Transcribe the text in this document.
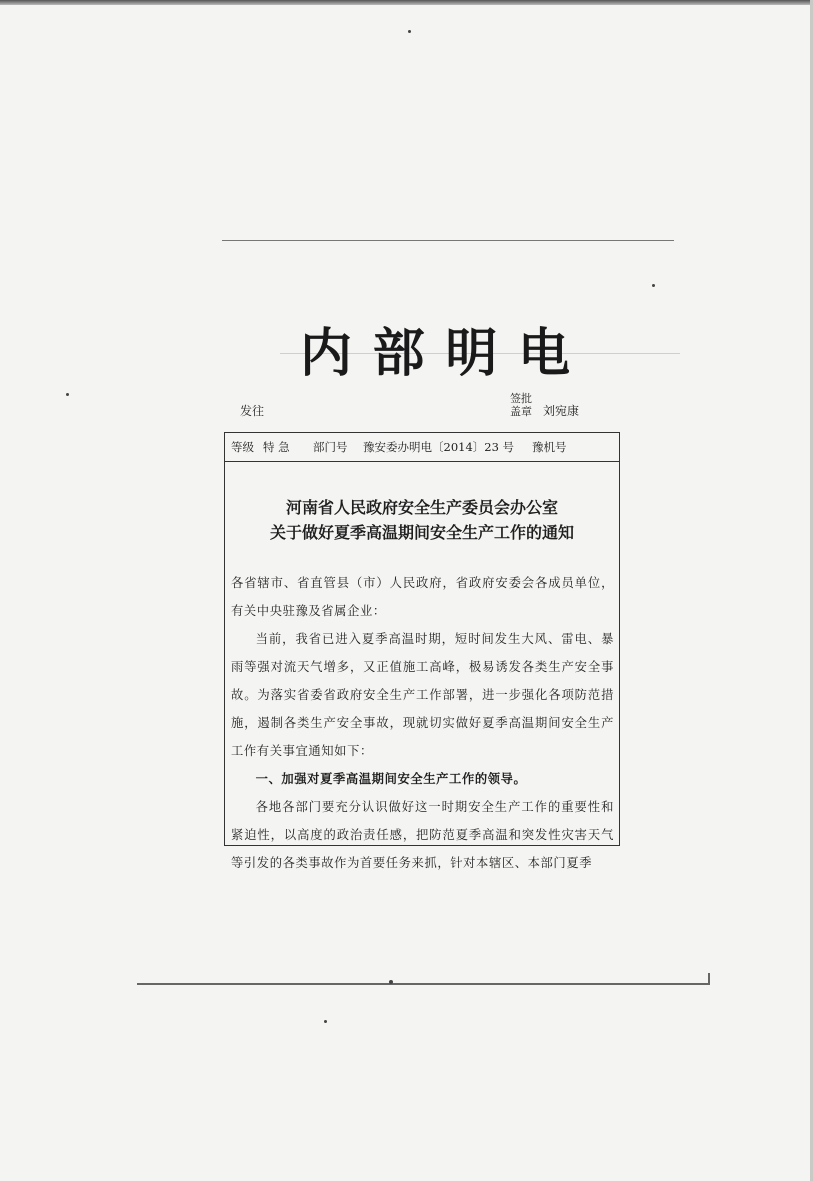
内 部 明 电
发往
签批
盖章 刘宛康
等级 特 急 部门号 豫安委办明电〔2014〕23 号 豫机号
河南省人民政府安全生产委员会办公室
关于做好夏季高温期间安全生产工作的通知

各省辖市、省直管县（市）人民政府，省政府安委会各成员单位，有关中央驻豫及省属企业：

当前，我省已进入夏季高温时期，短时间发生大风、雷电、暴雨等强对流天气增多，又正值施工高峰，极易诱发各类生产安全事故。为落实省委省政府安全生产工作部署，进一步强化各项防范措施，遏制各类生产安全事故，现就切实做好夏季高温期间安全生产工作有关事宜通知如下：

一、加强对夏季高温期间安全生产工作的领导。

各地各部门要充分认识做好这一时期安全生产工作的重要性和紧迫性，以高度的政治责任感，把防范夏季高温和突发性灾害天气等引发的各类事故作为首要任务来抓，针对本辖区、本部门夏季
